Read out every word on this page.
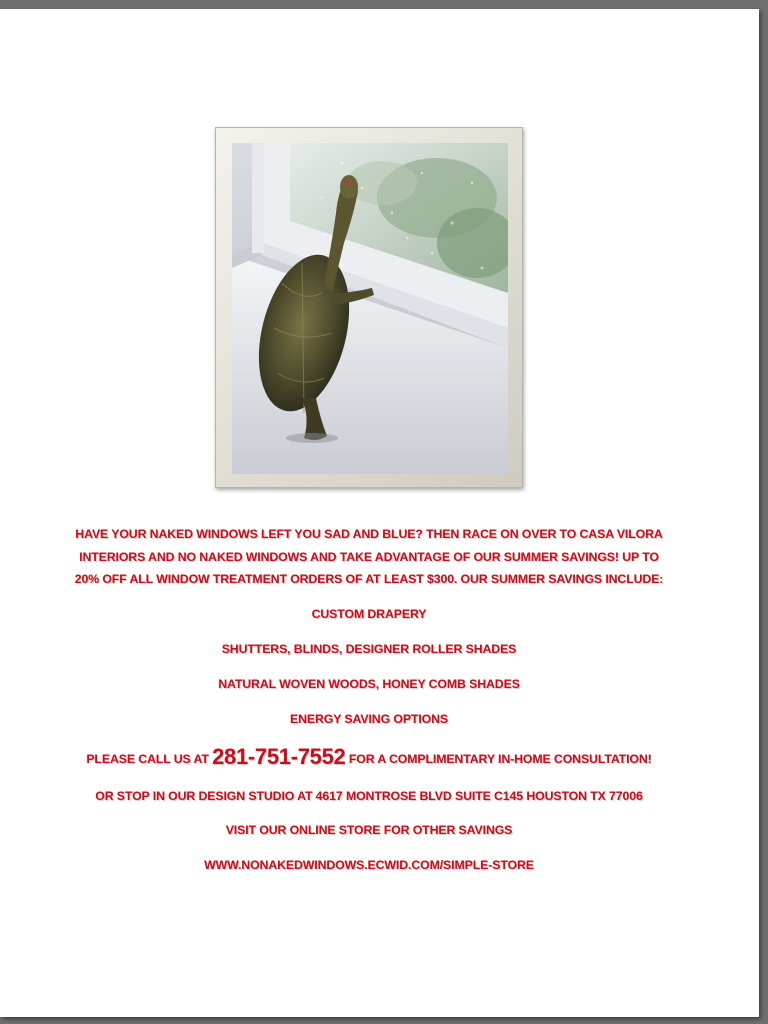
HAVE YOUR NAKED WINDOWS LEFT YOU SAD AND BLUE? THEN RACE ON OVER TO CASA VILORA
INTERIORS AND NO NAKED WINDOWS AND TAKE ADVANTAGE OF OUR SUMMER SAVINGS! UP TO
20% OFF ALL WINDOW TREATMENT ORDERS OF AT LEAST $300. OUR SUMMER SAVINGS INCLUDE:
CUSTOM DRAPERY
SHUTTERS, BLINDS, DESIGNER ROLLER SHADES
NATURAL WOVEN WOODS, HONEY COMB SHADES
ENERGY SAVING OPTIONS
PLEASE CALL US AT 281-751-7552 FOR A COMPLIMENTARY IN-HOME CONSULTATION!
OR STOP IN OUR DESIGN STUDIO AT 4617 MONTROSE BLVD SUITE C145 HOUSTON TX 77006
VISIT OUR ONLINE STORE FOR OTHER SAVINGS
WWW.NONAKEDWINDOWS.ECWID.COM/SIMPLE-STORE
